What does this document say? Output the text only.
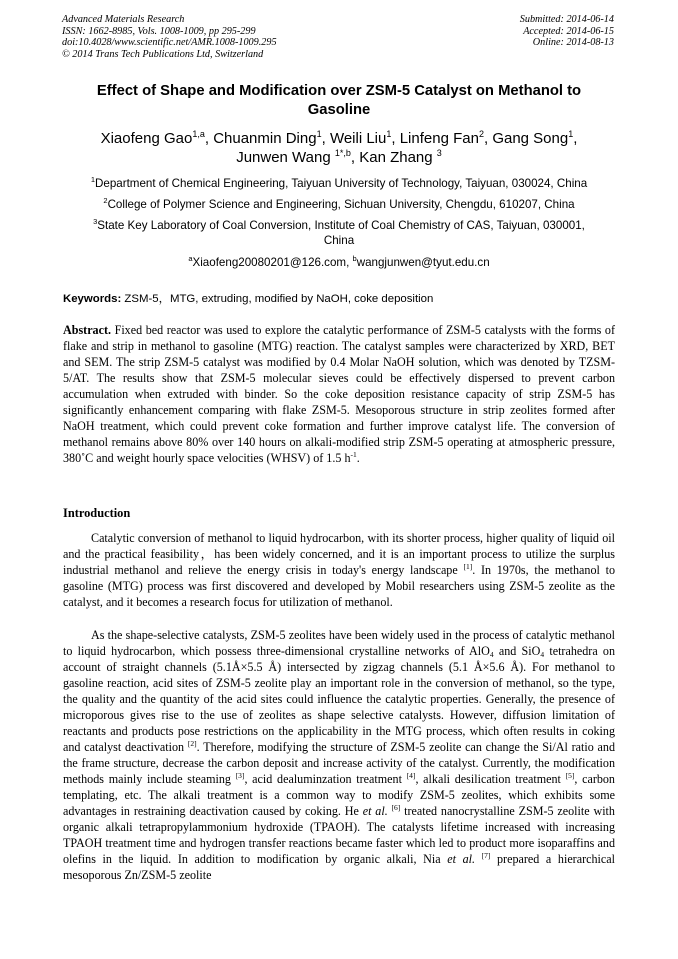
Advanced Materials Research
ISSN: 1662-8985, Vols. 1008-1009, pp 295-299
doi:10.4028/www.scientific.net/AMR.1008-1009.295
© 2014 Trans Tech Publications Ltd, Switzerland
Submitted: 2014-06-14
Accepted: 2014-06-15
Online: 2014-08-13
Effect of Shape and Modification over ZSM-5 Catalyst on Methanol to
Gasoline
Xiaofeng Gao$^{1,a}$, Chuanmin Ding$^1$, Weili Liu$^1$, Linfeng Fan$^2$, Gang Song$^1$,
Junwen Wang $^{1*,b}$, Kan Zhang $^3$
$^1$Department of Chemical Engineering, Taiyuan University of Technology, Taiyuan, 030024, China
$^2$College of Polymer Science and Engineering, Sichuan University, Chengdu, 610207, China
$^3$State Key Laboratory of Coal Conversion, Institute of Coal Chemistry of CAS, Taiyuan, 030001,
China
$^a$Xiaofeng20080201@126.com, $^b$wangjunwen@tyut.edu.cn
Keywords: ZSM-5，MTG, extruding, modified by NaOH, coke deposition
Abstract. Fixed bed reactor was used to explore the catalytic performance of ZSM-5 catalysts with the forms of flake and strip in methanol to gasoline (MTG) reaction. The catalyst samples were characterized by XRD, BET and SEM. The strip ZSM-5 catalyst was modified by 0.4 Molar NaOH solution, which was denoted by TZSM-5/AT. The results show that ZSM-5 molecular sieves could be effectively dispersed to prevent carbon accumulation when extruded with binder. So the coke deposition resistance capacity of strip ZSM-5 has significantly enhancement comparing with flake ZSM-5. Mesoporous structure in strip zeolites formed after NaOH treatment, which could prevent coke formation and further improve catalyst life. The conversion of methanol remains above 80% over 140 hours on alkali-modified strip ZSM-5 operating at atmospheric pressure, 380˚C and weight hourly space velocities (WHSV) of 1.5 $h^{-1}$.
Introduction
Catalytic conversion of methanol to liquid hydrocarbon, with its shorter process, higher quality of liquid oil and the practical feasibility，has been widely concerned, and it is an important process to utilize the surplus industrial methanol and relieve the energy crisis in today's energy landscape [1]. In 1970s, the methanol to gasoline (MTG) process was first discovered and developed by Mobil researchers using ZSM-5 zeolite as the catalyst, and it becomes a research focus for utilization of methanol.
As the shape-selective catalysts, ZSM-5 zeolites have been widely used in the process of catalytic methanol to liquid hydrocarbon, which possess three-dimensional crystalline networks of AlO$_4$ and SiO$_4$ tetrahedra on account of straight channels (5.1Å×5.5 Å) intersected by zigzag channels (5.1 Å×5.6 Å). For methanol to gasoline reaction, acid sites of ZSM-5 zeolite play an important role in the conversion of methanol, so the type, the quality and the quantity of the acid sites could influence the catalytic properties. Generally, the presence of microporous gives rise to the use of zeolites as shape selective catalysts. However, diffusion limitation of reactants and products pose restrictions on the applicability in the MTG process, which often results in coking and catalyst deactivation [2]. Therefore, modifying the structure of ZSM-5 zeolite can change the Si/Al ratio and the frame structure, decrease the carbon deposit and increase activity of the catalyst. Currently, the modification methods mainly include steaming [3], acid dealuminzation treatment [4], alkali desilication treatment [5], carbon templating, etc. The alkali treatment is a common way to modify ZSM-5 zeolites, which exhibits some advantages in restraining deactivation caused by coking. He et al. [6] treated nanocrystalline ZSM-5 zeolite with organic alkali tetrapropylammonium hydroxide (TPAOH). The catalysts lifetime increased with increasing TPAOH treatment time and hydrogen transfer reactions became faster which led to product more isoparaffins and olefins in the liquid. In addition to modification by organic alkali, Nia et al. [7] prepared a hierarchical mesoporous Zn/ZSM-5 zeolite
